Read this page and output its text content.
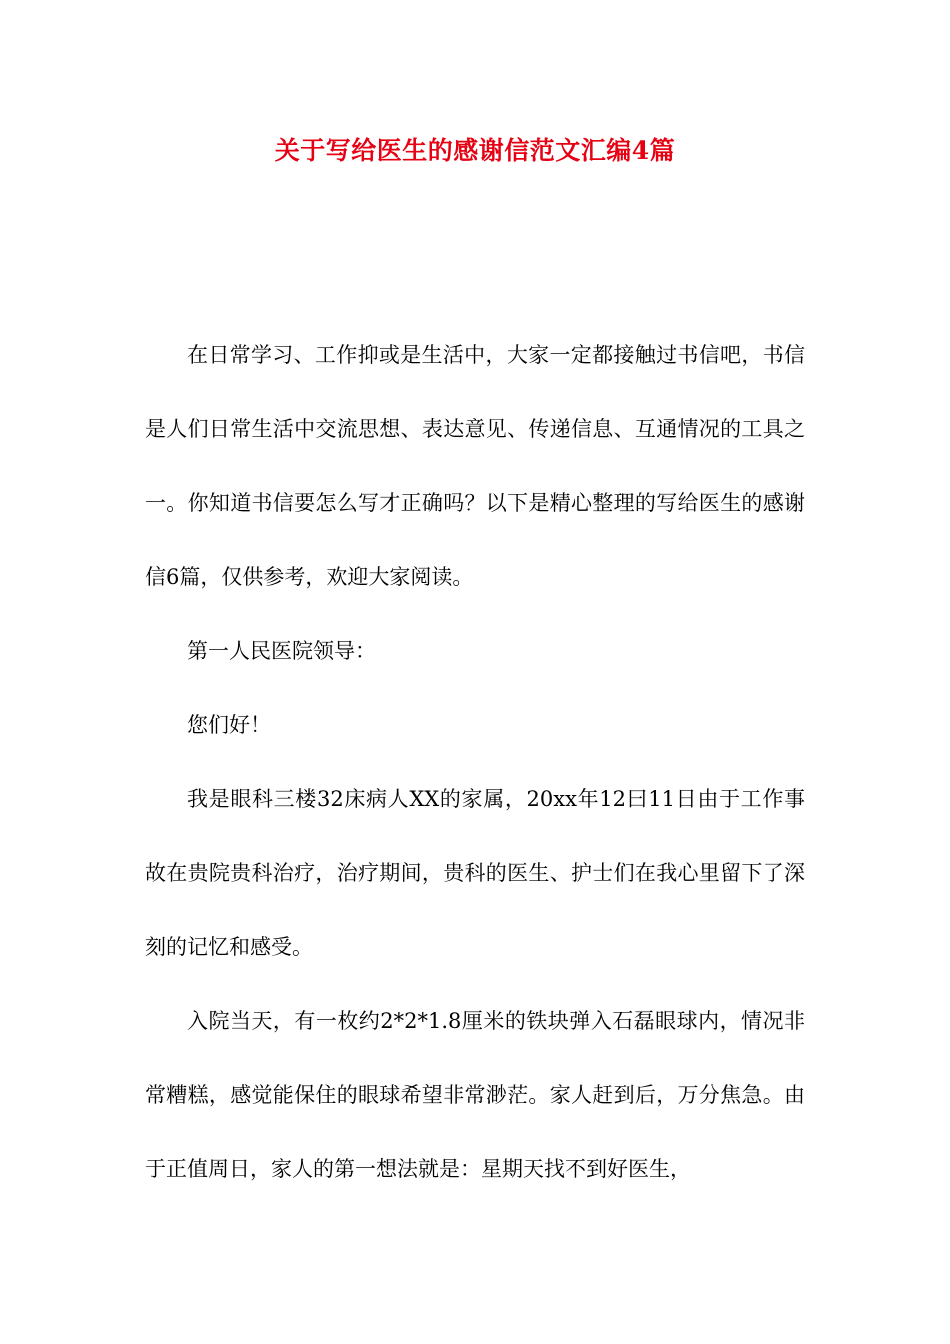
关于写给医生的感谢信范文汇编4篇

在日常学习、工作抑或是生活中，大家一定都接触过书信吧，书信是人们日常生活中交流思想、表达意见、传递信息、互通情况的工具之一。你知道书信要怎么写才正确吗？以下是精心整理的写给医生的感谢信6篇，仅供参考，欢迎大家阅读。

第一人民医院领导：

您们好！

我是眼科三楼32床病人XX的家属，20xx年12曰11日由于工作事故在贵院贵科治疗，治疗期间，贵科的医生、护士们在我心里留下了深刻的记忆和感受。

入院当天，有一枚约2*2*1.8厘米的铁块弹入石磊眼球内，情况非常糟糕，感觉能保住的眼球希望非常渺茫。家人赶到后，万分焦急。由于正值周日，家人的第一想法就是：星期天找不到好医生，
